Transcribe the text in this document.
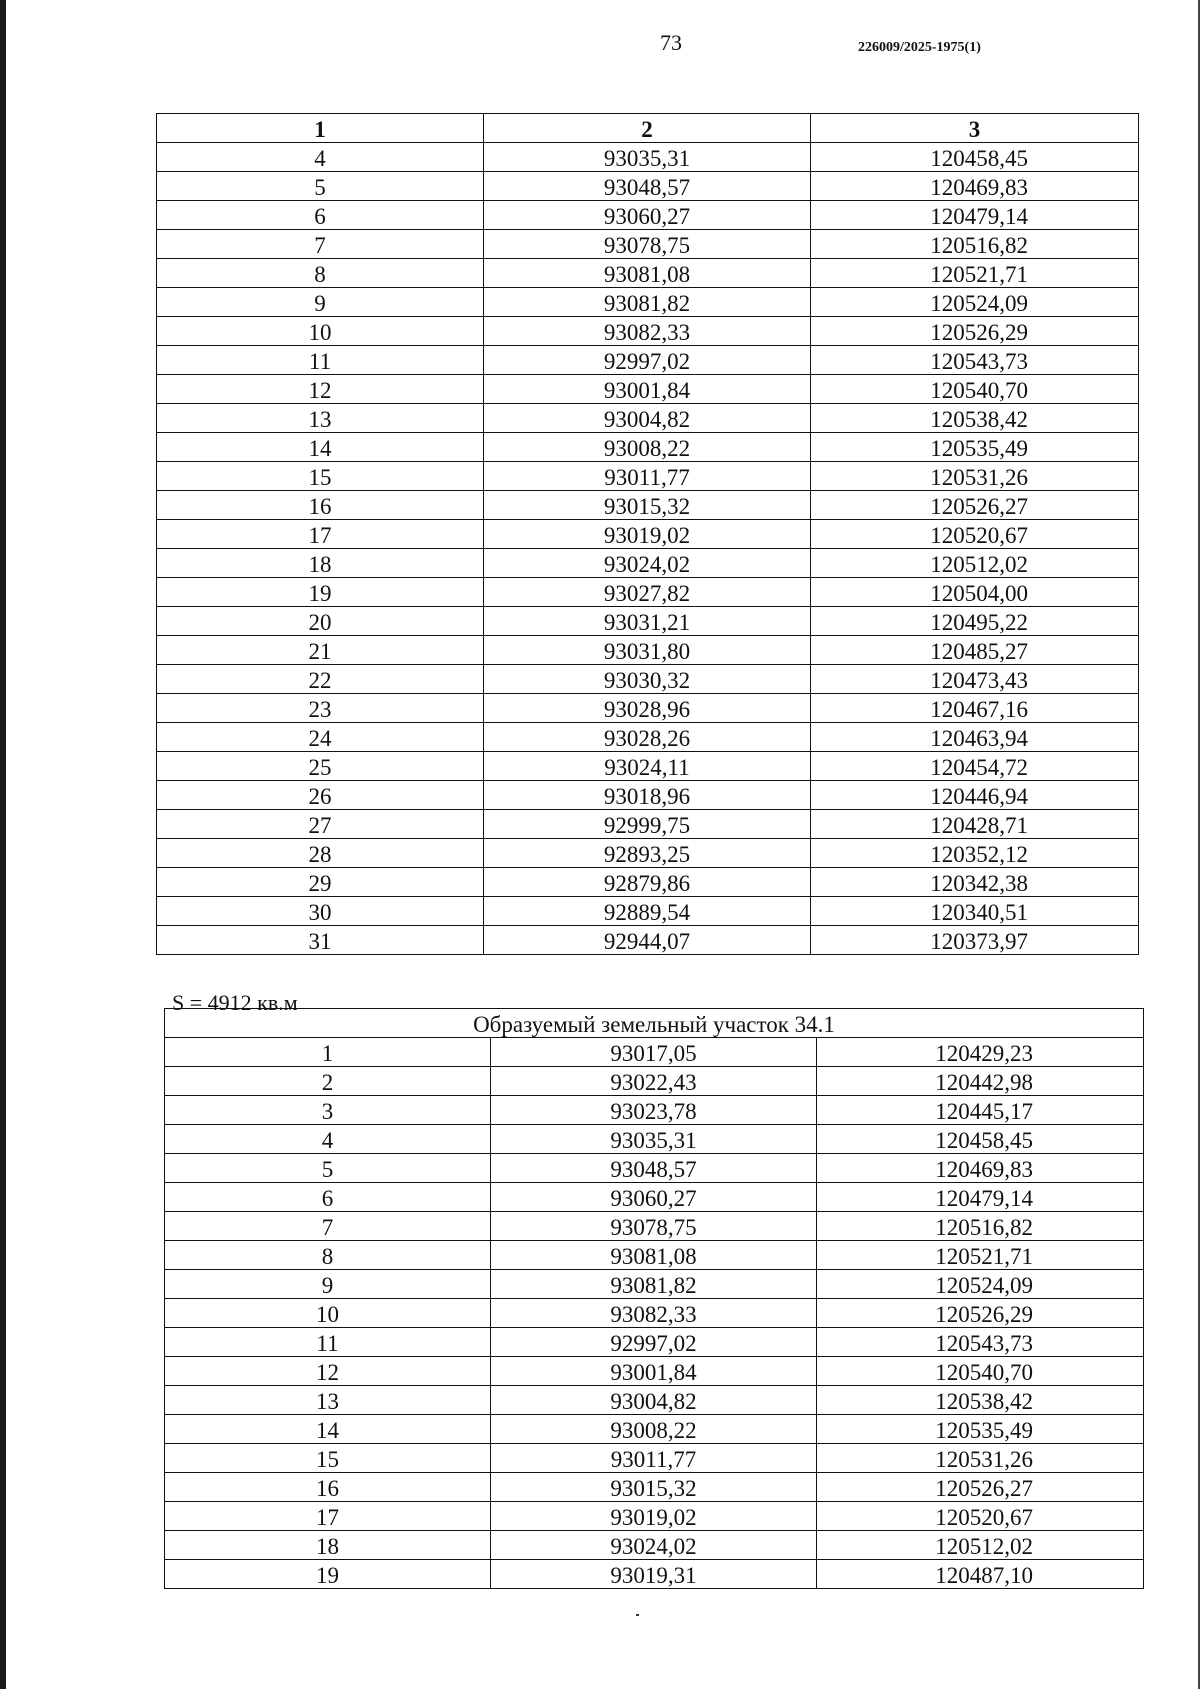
73	226009/2025-1975(1)
1	2	3
4	93035,31	120458,45
5	93048,57	120469,83
6	93060,27	120479,14
7	93078,75	120516,82
8	93081,08	120521,71
9	93081,82	120524,09
10	93082,33	120526,29
11	92997,02	120543,73
12	93001,84	120540,70
13	93004,82	120538,42
14	93008,22	120535,49
15	93011,77	120531,26
16	93015,32	120526,27
17	93019,02	120520,67
18	93024,02	120512,02
19	93027,82	120504,00
20	93031,21	120495,22
21	93031,80	120485,27
22	93030,32	120473,43
23	93028,96	120467,16
24	93028,26	120463,94
25	93024,11	120454,72
26	93018,96	120446,94
27	92999,75	120428,71
28	92893,25	120352,12
29	92879,86	120342,38
30	92889,54	120340,51
31	92944,07	120373,97
S = 4912 кв.м
Образуемый земельный участок 34.1		
1	93017,05	120429,23
2	93022,43	120442,98
3	93023,78	120445,17
4	93035,31	120458,45
5	93048,57	120469,83
6	93060,27	120479,14
7	93078,75	120516,82
8	93081,08	120521,71
9	93081,82	120524,09
10	93082,33	120526,29
11	92997,02	120543,73
12	93001,84	120540,70
13	93004,82	120538,42
14	93008,22	120535,49
15	93011,77	120531,26
16	93015,32	120526,27
17	93019,02	120520,67
18	93024,02	120512,02
19	93019,31	120487,10
